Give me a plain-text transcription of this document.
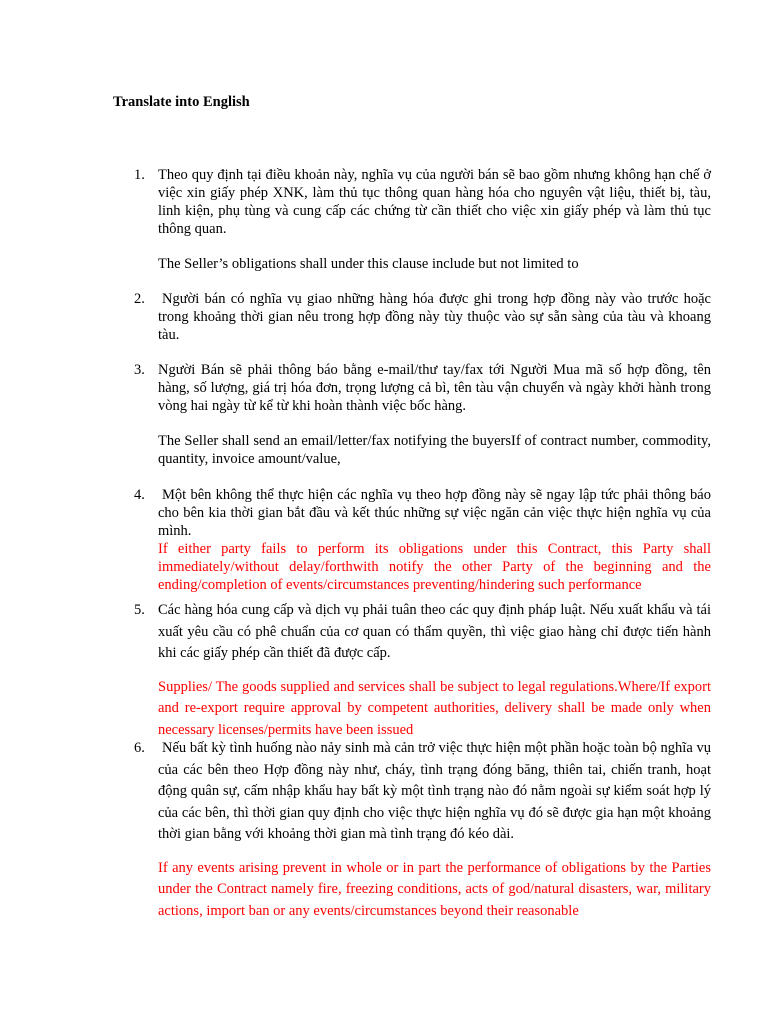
Translate into English
1. Theo quy định tại điều khoản này, nghĩa vụ của người bán sẽ bao gồm nhưng không hạn chế ở việc xin giấy phép XNK, làm thủ tục thông quan hàng hóa cho nguyên vật liệu, thiết bị, tàu, linh kiện, phụ tùng và cung cấp các chứng từ cần thiết cho việc xin giấy phép và làm thủ tục thông quan.
The Seller’s obligations shall under this clause include but not limited to
2. Người bán có nghĩa vụ giao những hàng hóa được ghi trong hợp đồng này vào trước hoặc trong khoảng thời gian nêu trong hợp đồng này tùy thuộc vào sự sẵn sàng của tàu và khoang tàu.
3. Người Bán sẽ phải thông báo bằng e-mail/thư tay/fax tới Người Mua mã số hợp đồng, tên hàng, số lượng, giá trị hóa đơn, trọng lượng cả bì, tên tàu vận chuyển và ngày khởi hành trong vòng hai ngày từ kể từ khi hoàn thành việc bốc hàng.
The Seller shall send an email/letter/fax notifying the buyersIf of contract number, commodity, quantity, invoice amount/value,
4. Một bên không thể thực hiện các nghĩa vụ theo hợp đồng này sẽ ngay lập tức phải thông báo cho bên kia thời gian bắt đầu và kết thúc những sự việc ngăn cản việc thực hiện nghĩa vụ của mình.
If either party fails to perform its obligations under this Contract, this Party shall immediately/without delay/forthwith notify the other Party of the beginning and the ending/completion of events/circumstances preventing/hindering such performance
5. Các hàng hóa cung cấp và dịch vụ phải tuân theo các quy định pháp luật. Nếu xuất khẩu và tái xuất yêu cầu có phê chuẩn của cơ quan có thẩm quyền, thì việc giao hàng chỉ được tiến hành khi các giấy phép cần thiết đã được cấp.
Supplies/ The goods supplied and services shall be subject to legal regulations.Where/If export and re-export require approval by competent authorities, delivery shall be made only when necessary licenses/permits have been issued
6. Nếu bất kỳ tình huống nào nảy sinh mà cản trở việc thực hiện một phần hoặc toàn bộ nghĩa vụ của các bên theo Hợp đồng này như, cháy, tình trạng đóng băng, thiên tai, chiến tranh, hoạt động quân sự, cấm nhập khẩu hay bất kỳ một tình trạng nào đó nằm ngoài sự kiểm soát hợp lý của các bên, thì thời gian quy định cho việc thực hiện nghĩa vụ đó sẽ được gia hạn một khoảng thời gian bằng với khoảng thời gian mà tình trạng đó kéo dài.
If any events arising prevent in whole or in part the performance of obligations by the Parties under the Contract namely fire, freezing conditions, acts of god/natural disasters, war, military actions, import ban or any events/circumstances beyond their reasonable
